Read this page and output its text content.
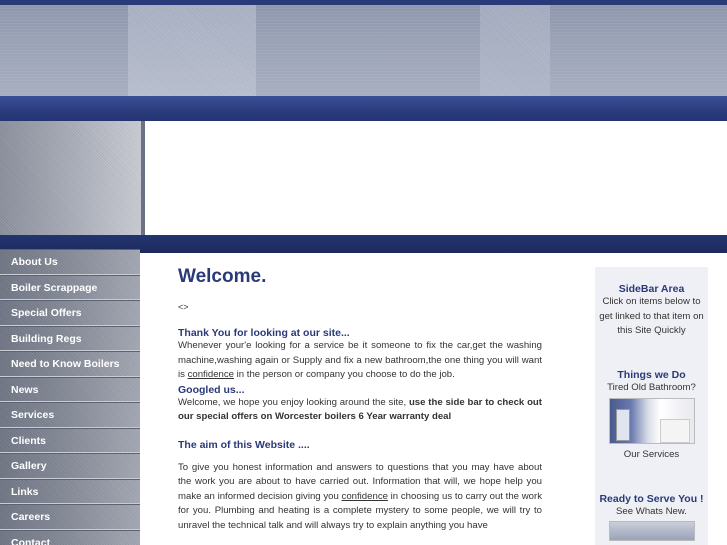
About Us
Boiler Scrappage
Special Offers
Building Regs
Need to Know Boilers
News
Services
Clients
Gallery
Links
Careers
Contact
Welcome.
<>
Thank You for looking at our site...

Whenever your'e looking for a service be it someone to fix the car,get the washing machine,washing again or Supply and fix a new bathroom,the one thing you will want is confidence in the person or company you choose to do the job.

Googled us...

Welcome, we hope you enjoy looking around the site, use the side bar to check out our special offers on Worcester boilers 6 Year warranty deal

The aim of this Website ....

To give you honest information and answers to questions that you may have about the work you are about to have carried out. Information that will, we hope help you make an informed decision giving you confidence in choosing us to carry out the work for you. Plumbing and heating is a complete mystery to some people, we will try to unravel the technical talk and will always try to explain anything you have

SideBar Area
Click on items below to get linked to that item on this Site Quickly
Things we Do
Tired Old Bathroom?
Our Services
Ready to Serve You !
See Whats New.
